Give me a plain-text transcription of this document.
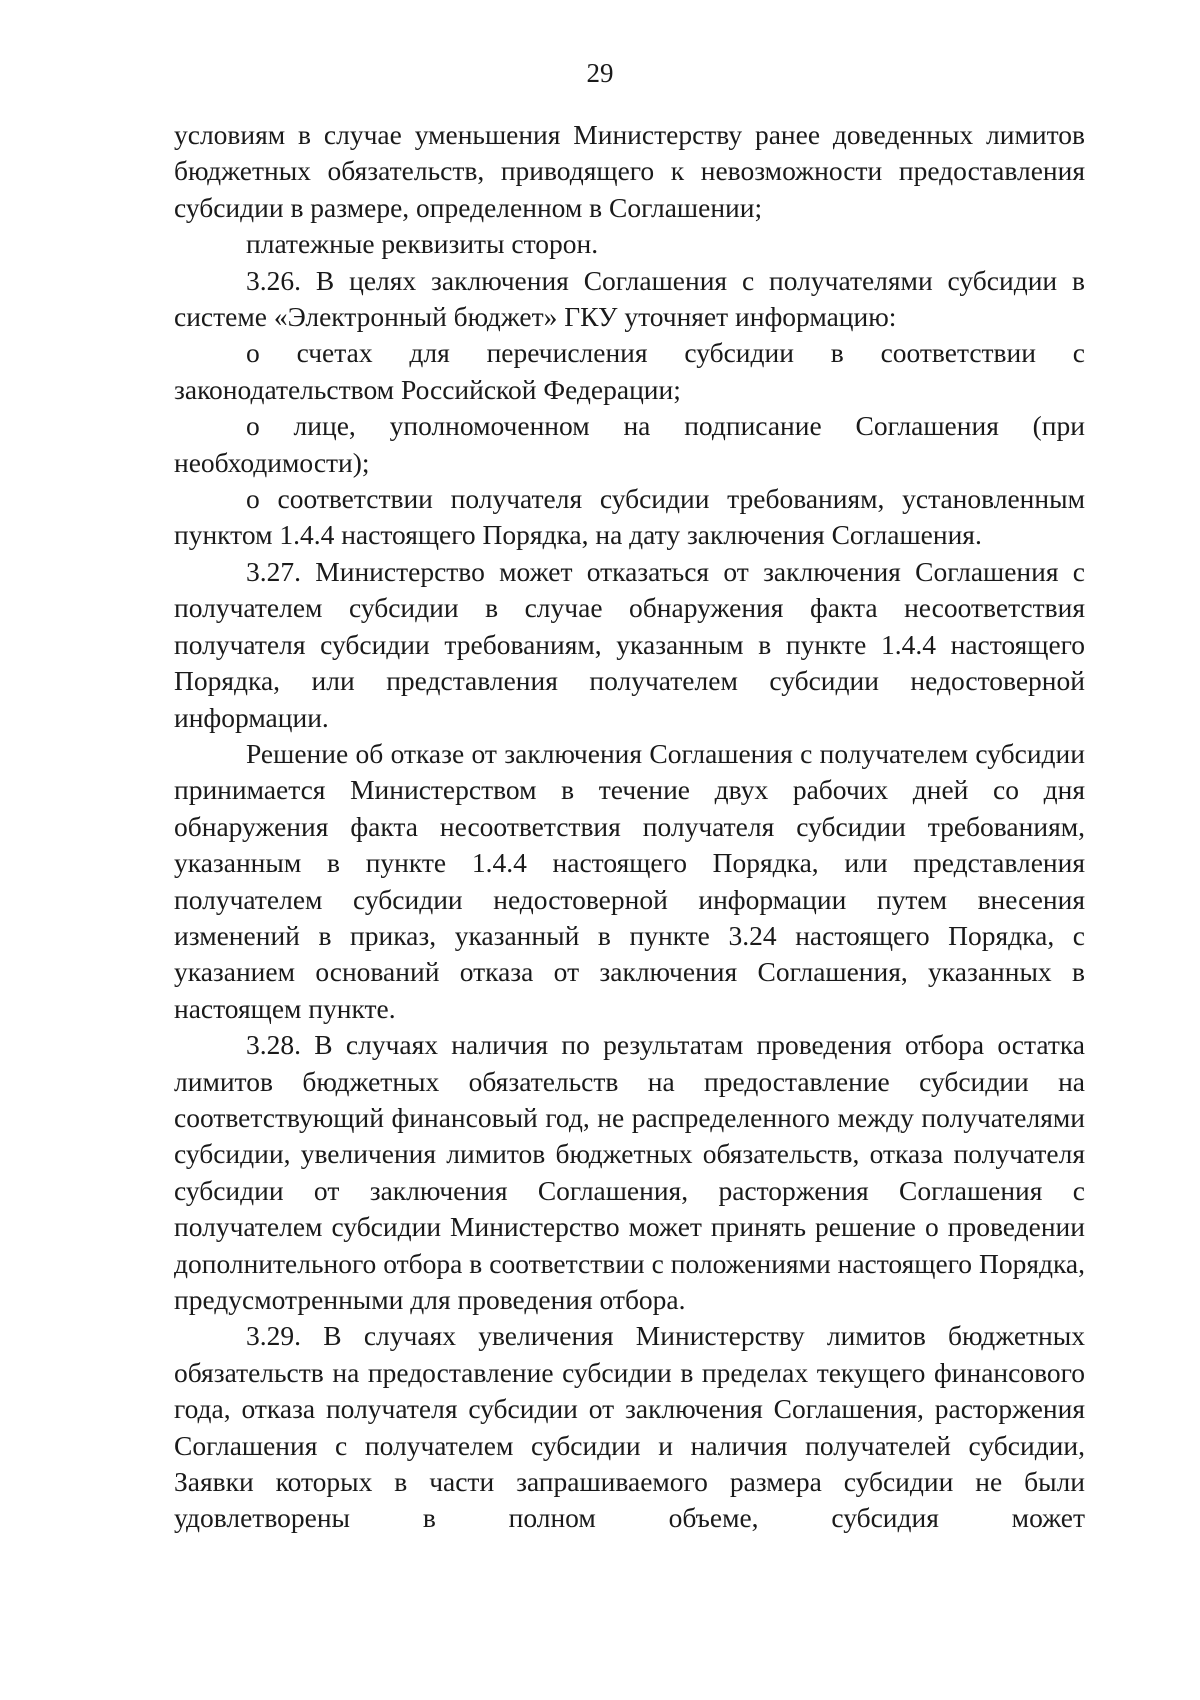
29

условиям в случае уменьшения Министерству ранее доведенных лимитов бюджетных обязательств, приводящего к невозможности предоставления субсидии в размере, определенном в Соглашении;

платежные реквизиты сторон.

3.26. В целях заключения Соглашения с получателями субсидии в системе «Электронный бюджет» ГКУ уточняет информацию:

о счетах для перечисления субсидии в соответствии с законодательством Российской Федерации;

о лице, уполномоченном на подписание Соглашения (при необходимости);

о соответствии получателя субсидии требованиям, установленным пунктом 1.4.4 настоящего Порядка, на дату заключения Соглашения.

3.27. Министерство может отказаться от заключения Соглашения с получателем субсидии в случае обнаружения факта несоответствия получателя субсидии требованиям, указанным в пункте 1.4.4 настоящего Порядка, или представления получателем субсидии недостоверной информации.

Решение об отказе от заключения Соглашения с получателем субсидии принимается Министерством в течение двух рабочих дней со дня обнаружения факта несоответствия получателя субсидии требованиям, указанным в пункте 1.4.4 настоящего Порядка, или представления получателем субсидии недостоверной информации путем внесения изменений в приказ, указанный в пункте 3.24 настоящего Порядка, с указанием оснований отказа от заключения Соглашения, указанных в настоящем пункте.

3.28. В случаях наличия по результатам проведения отбора остатка лимитов бюджетных обязательств на предоставление субсидии на соответствующий финансовый год, не распределенного между получателями субсидии, увеличения лимитов бюджетных обязательств, отказа получателя субсидии от заключения Соглашения, расторжения Соглашения с получателем субсидии Министерство может принять решение о проведении дополнительного отбора в соответствии с положениями настоящего Порядка, предусмотренными для проведения отбора.

3.29. В случаях увеличения Министерству лимитов бюджетных обязательств на предоставление субсидии в пределах текущего финансового года, отказа получателя субсидии от заключения Соглашения, расторжения Соглашения с получателем субсидии и наличия получателей субсидии, Заявки которых в части запрашиваемого размера субсидии не были удовлетворены в полном объеме, субсидия может
